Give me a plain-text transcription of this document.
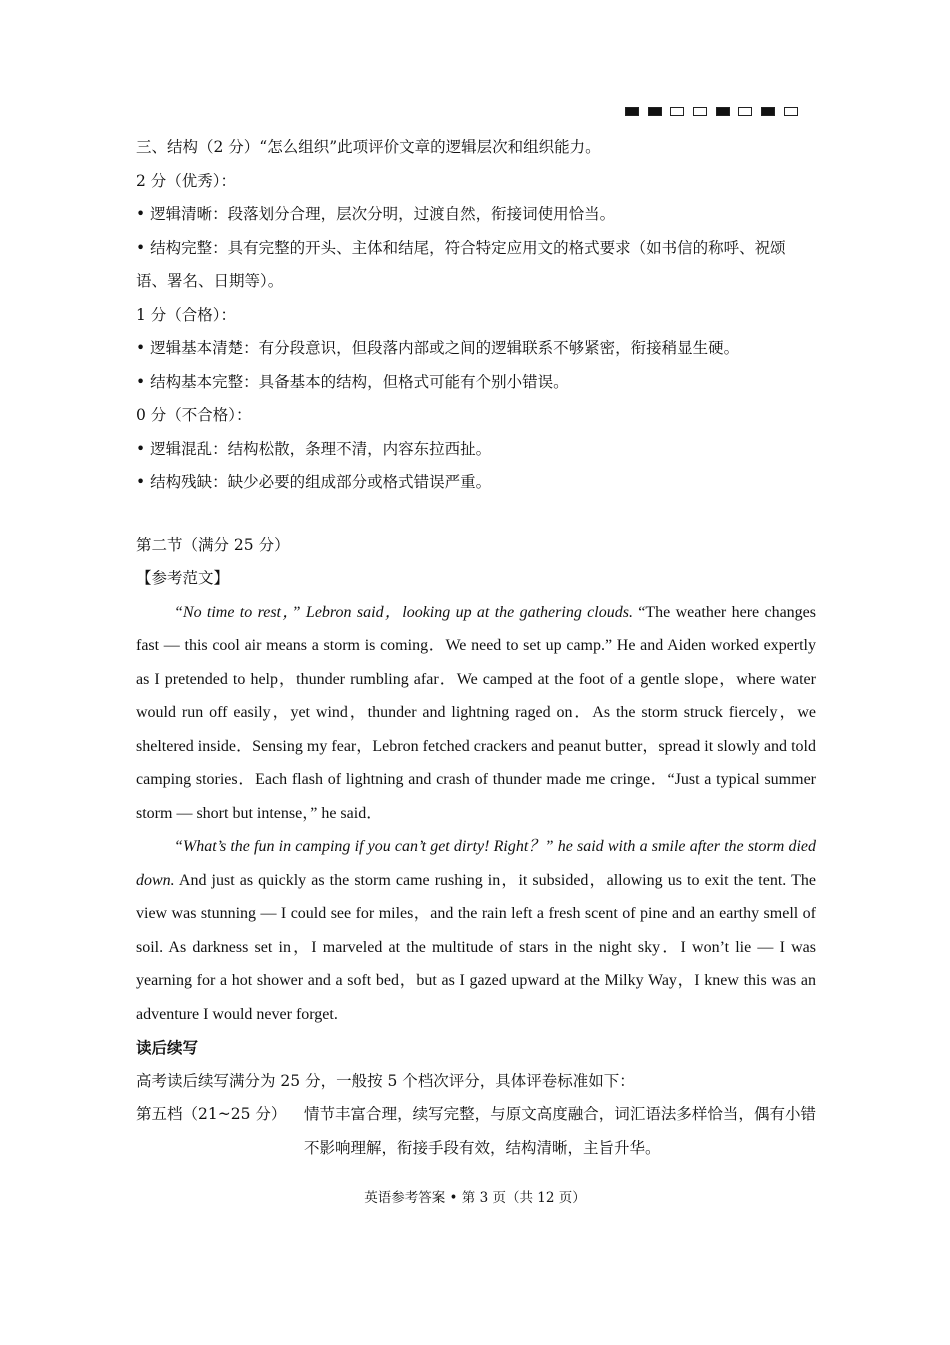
三、结构（2 分）“怎么组织”此项评价文章的逻辑层次和组织能力。

2 分（优秀）：

• 逻辑清晰：段落划分合理，层次分明，过渡自然，衔接词使用恰当。

• 结构完整：具有完整的开头、主体和结尾，符合特定应用文的格式要求（如书信的称呼、祝颂语、署名、日期等）。

1 分（合格）：

• 逻辑基本清楚：有分段意识，但段落内部或之间的逻辑联系不够紧密，衔接稍显生硬。

• 结构基本完整：具备基本的结构，但格式可能有个别小错误。

0 分（不合格）：

• 逻辑混乱：结构松散，条理不清，内容东拉西扯。

• 结构残缺：缺少必要的组成部分或格式错误严重。

第二节（满分 25 分）

【参考范文】

“No time to rest，” Lebron said，looking up at the gathering clouds. “The weather here changes fast — this cool air means a storm is coming．We need to set up camp.” He and Aiden worked expertly as I pretended to help，thunder rumbling afar．We camped at the foot of a gentle slope，where water would run off easily，yet wind，thunder and lightning raged on．As the storm struck fiercely，we sheltered inside．Sensing my fear，Lebron fetched crackers and peanut butter，spread it slowly and told camping stories．Each flash of lightning and crash of thunder made me cringe．“Just a typical summer storm — short but intense，” he said．

“What’s the fun in camping if you can’t get dirty! Right？” he said with a smile after the storm died down. And just as quickly as the storm came rushing in，it subsided，allowing us to exit the tent. The view was stunning — I could see for miles，and the rain left a fresh scent of pine and an earthy smell of soil. As darkness set in，I marveled at the multitude of stars in the night sky．I won’t lie — I was yearning for a hot shower and a soft bed，but as I gazed upward at the Milky Way，I knew this was an adventure I would never forget.

读后续写

高考读后续写满分为 25 分，一般按 5 个档次评分，具体评卷标准如下：

第五档（21~25 分）	情节丰富合理，续写完整，与原文高度融合，词汇语法多样恰当，偶有小错不影响理解，衔接手段有效，结构清晰，主旨升华。
英语参考答案 • 第 3 页（共 12 页）
